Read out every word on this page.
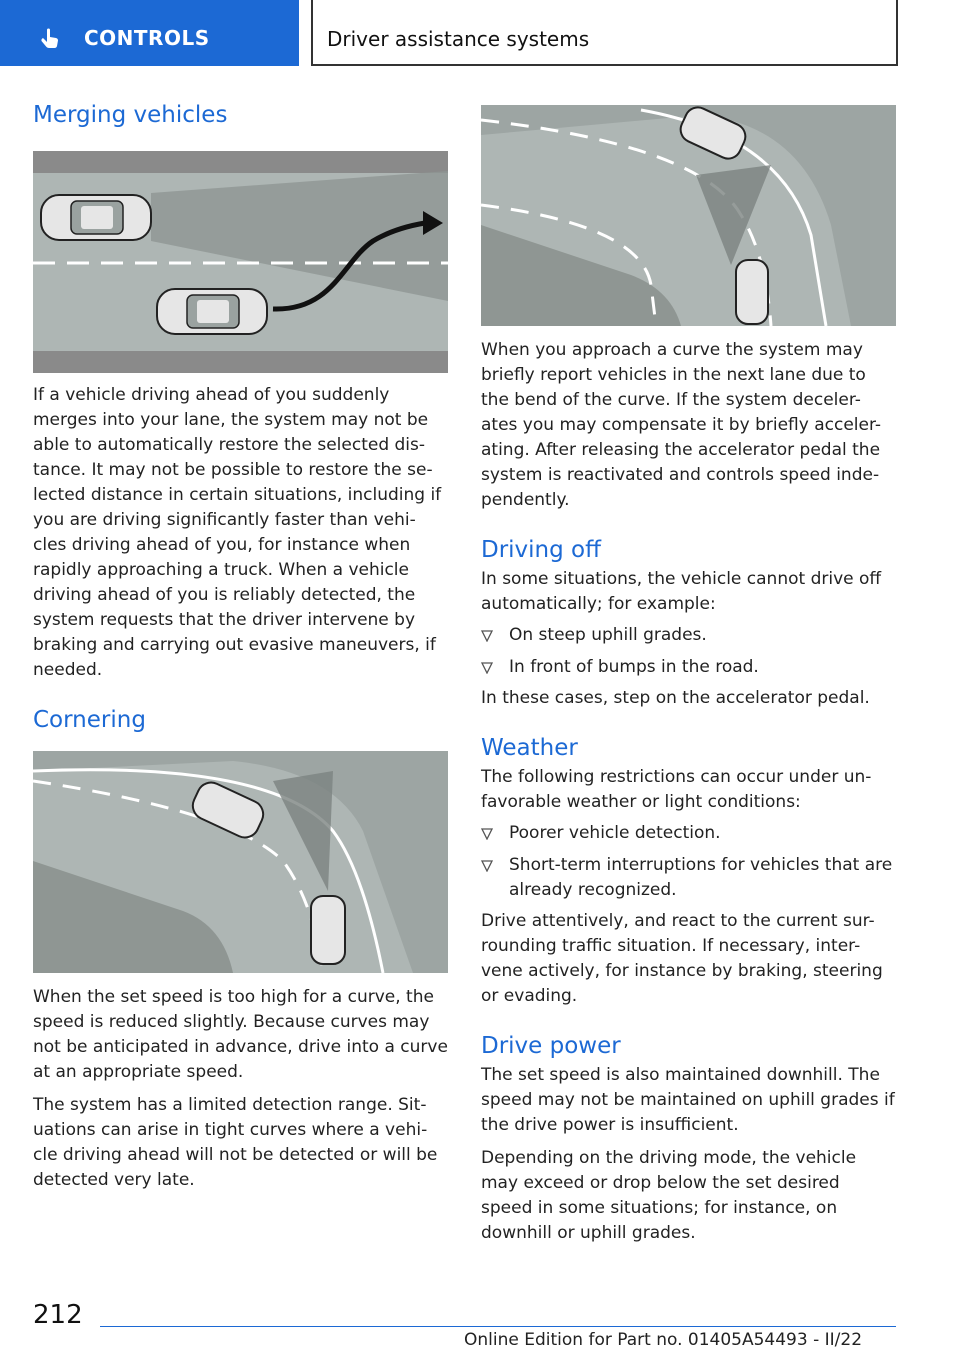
CONTROLS	Driver assistance systems
Merging vehicles

If a vehicle driving ahead of you suddenly merges into your lane, the system may not be able to automatically restore the selected dis-tance. It may not be possible to restore the se-lected distance in certain situations, including if you are driving significantly faster than vehi-cles driving ahead of you, for instance when rapidly approaching a truck. When a vehicle driving ahead of you is reliably detected, the system requests that the driver intervene by braking and carrying out evasive maneuvers, if needed.

Cornering

When the set speed is too high for a curve, the speed is reduced slightly. Because curves may not be anticipated in advance, drive into a curve at an appropriate speed.

The system has a limited detection range. Sit-uations can arise in tight curves where a vehi-cle driving ahead will not be detected or will be detected very late.

When you approach a curve the system may briefly report vehicles in the next lane due to the bend of the curve. If the system deceler-ates you may compensate it by briefly acceler-ating. After releasing the accelerator pedal the system is reactivated and controls speed inde-pendently.

Driving off

In some situations, the vehicle cannot drive off automatically; for example:

On steep uphill grades.
In front of bumps in the road.

In these cases, step on the accelerator pedal.

Weather

The following restrictions can occur under un-favorable weather or light conditions:

Poorer vehicle detection.
Short-term interruptions for vehicles that are already recognized.

Drive attentively, and react to the current sur-rounding traffic situation. If necessary, inter-vene actively, for instance by braking, steering or evading.

Drive power

The set speed is also maintained downhill. The speed may not be maintained on uphill grades if the drive power is insufficient.

Depending on the driving mode, the vehicle may exceed or drop below the set desired speed in some situations; for instance, on downhill or uphill grades.

212
Online Edition for Part no. 01405A54493 - II/22
